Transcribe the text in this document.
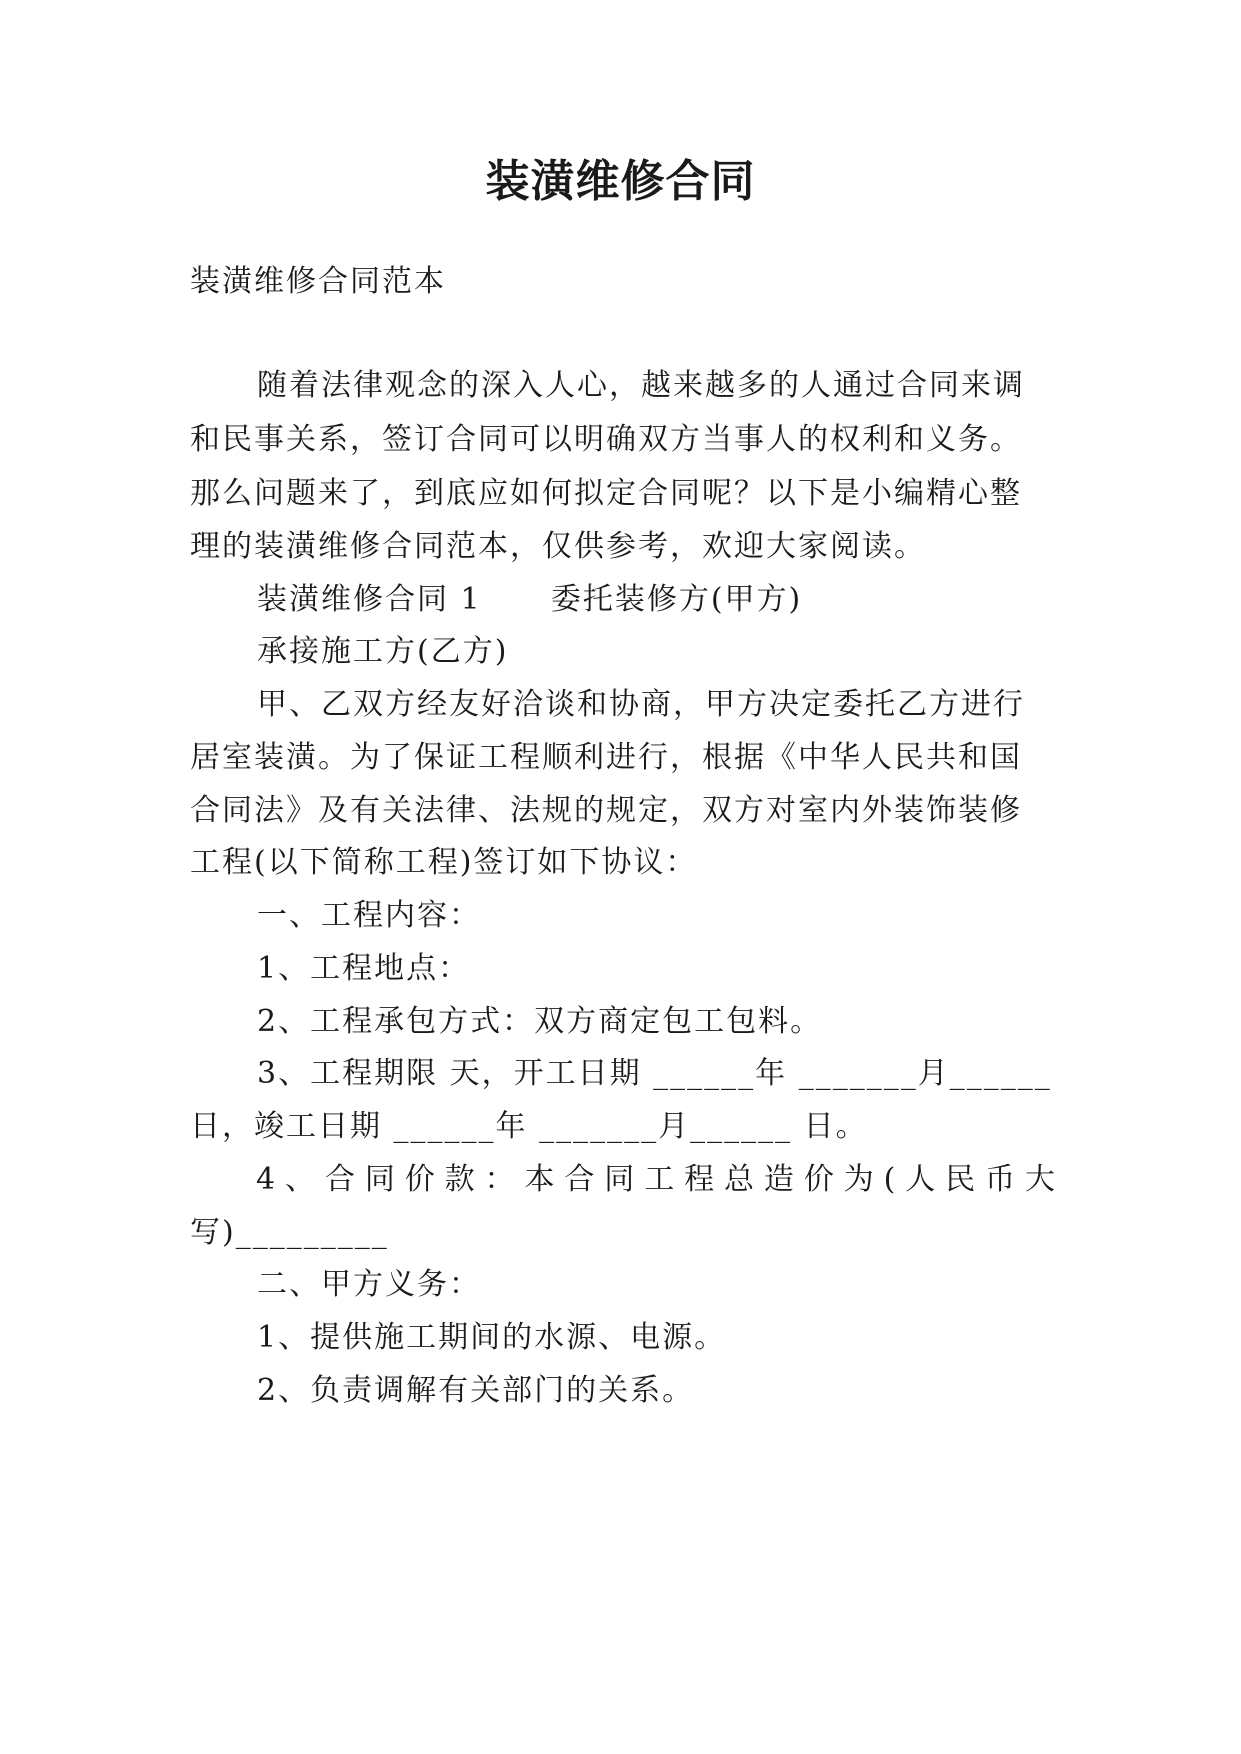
装潢维修合同
装潢维修合同范本
随着法律观念的深入人心，越来越多的人通过合同来调
和民事关系，签订合同可以明确双方当事人的权利和义务。
那么问题来了，到底应如何拟定合同呢？以下是小编精心整
理的装潢维修合同范本，仅供参考，欢迎大家阅读。
装潢维修合同 1      委托装修方(甲方)
承接施工方(乙方)
甲、乙双方经友好洽谈和协商，甲方决定委托乙方进行
居室装潢。为了保证工程顺利进行，根据《中华人民共和国
合同法》及有关法律、法规的规定，双方对室内外装饰装修
工程(以下简称工程)签订如下协议：
一、工程内容：
1、工程地点：
2、工程承包方式：双方商定包工包料。
3、工程期限 天，开工日期 ______年 _______月______
日，竣工日期 ______年 _______月______ 日。
4、合同价款：本合同工程总造价为(人民币大
写)_________
二、甲方义务：
1、提供施工期间的水源、电源。
2、负责调解有关部门的关系。
